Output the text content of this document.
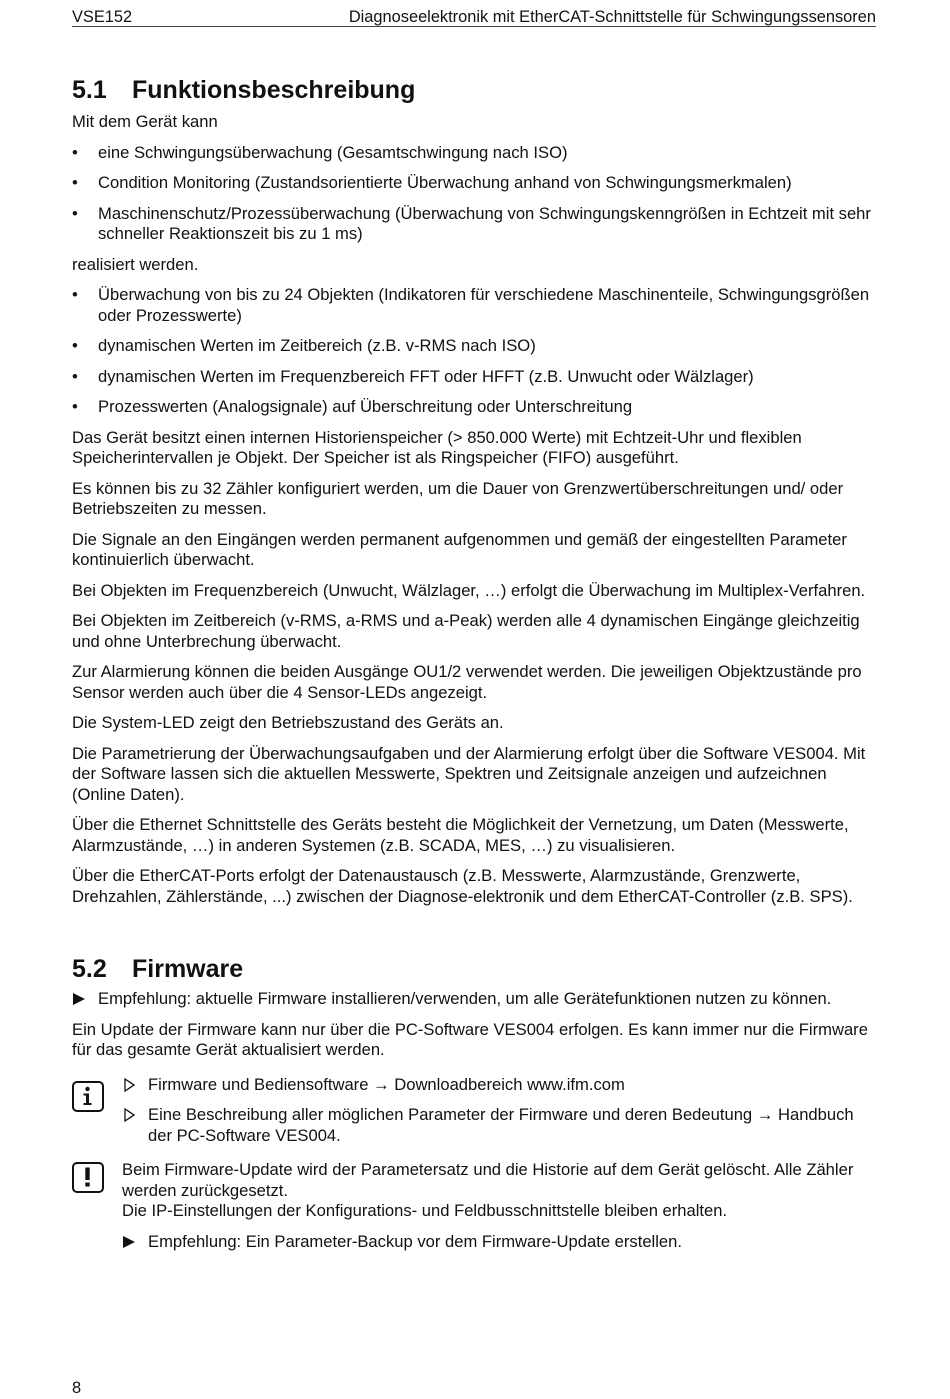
VSE152	Diagnoseelektronik mit EtherCAT-Schnittstelle für Schwingungssensoren
5.1	Funktionsbeschreibung

Mit dem Gerät kann

• eine Schwingungsüberwachung (Gesamtschwingung nach ISO)
• Condition Monitoring (Zustandsorientierte Überwachung anhand von Schwingungsmerkmalen)
• Maschinenschutz/Prozessüberwachung (Überwachung von Schwingungskenngrößen in Echtzeit mit sehr schneller Reaktionszeit bis zu 1 ms)

realisiert werden.

• Überwachung von bis zu 24 Objekten (Indikatoren für verschiedene Maschinenteile, Schwingungsgrößen oder Prozesswerte)
• dynamischen Werten im Zeitbereich (z.B. v-RMS nach ISO)
• dynamischen Werten im Frequenzbereich FFT oder HFFT (z.B. Unwucht oder Wälzlager)
• Prozesswerten (Analogsignale) auf Überschreitung oder Unterschreitung

Das Gerät besitzt einen internen Historienspeicher (> 850.000 Werte) mit Echtzeit-Uhr und flexiblen Speicherintervallen je Objekt. Der Speicher ist als Ringspeicher (FIFO) ausgeführt.

Es können bis zu 32 Zähler konfiguriert werden, um die Dauer von Grenzwertüberschreitungen und/ oder Betriebszeiten zu messen.

Die Signale an den Eingängen werden permanent aufgenommen und gemäß der eingestellten Parameter kontinuierlich überwacht.

Bei Objekten im Frequenzbereich (Unwucht, Wälzlager, …) erfolgt die Überwachung im Multiplex-Verfahren.

Bei Objekten im Zeitbereich (v-RMS, a-RMS und a-Peak) werden alle 4 dynamischen Eingänge gleichzeitig und ohne Unterbrechung überwacht.

Zur Alarmierung können die beiden Ausgänge OU1/2 verwendet werden. Die jeweiligen Objektzustände pro Sensor werden auch über die 4 Sensor-LEDs angezeigt.

Die System-LED zeigt den Betriebszustand des Geräts an.

Die Parametrierung der Überwachungsaufgaben und der Alarmierung erfolgt über die Software VES004. Mit der Software lassen sich die aktuellen Messwerte, Spektren und Zeitsignale anzeigen und aufzeichnen (Online Daten).

Über die Ethernet Schnittstelle des Geräts besteht die Möglichkeit der Vernetzung, um Daten (Messwerte, Alarmzustände, …) in anderen Systemen (z.B. SCADA, MES, …) zu visualisieren.

Über die EtherCAT-Ports erfolgt der Datenaustausch (z.B. Messwerte, Alarmzustände, Grenzwerte, Drehzahlen, Zählerstände, ...) zwischen der Diagnose-elektronik und dem EtherCAT-Controller (z.B. SPS).

5.2	Firmware
Empfehlung: aktuelle Firmware installieren/verwenden, um alle Gerätefunktionen nutzen zu können.

Ein Update der Firmware kann nur über die PC-Software VES004 erfolgen. Es kann immer nur die Firmware für das gesamte Gerät aktualisiert werden.

Firmware und Bediensoftware → Downloadbereich www.ifm.com
Eine Beschreibung aller möglichen Parameter der Firmware und deren Bedeutung → Handbuch der PC-Software VES004.
Beim Firmware-Update wird der Parametersatz und die Historie auf dem Gerät gelöscht. Alle Zähler werden zurückgesetzt.
Die IP-Einstellungen der Konfigurations- und Feldbusschnittstelle bleiben erhalten.
Empfehlung: Ein Parameter-Backup vor dem Firmware-Update erstellen.
8
